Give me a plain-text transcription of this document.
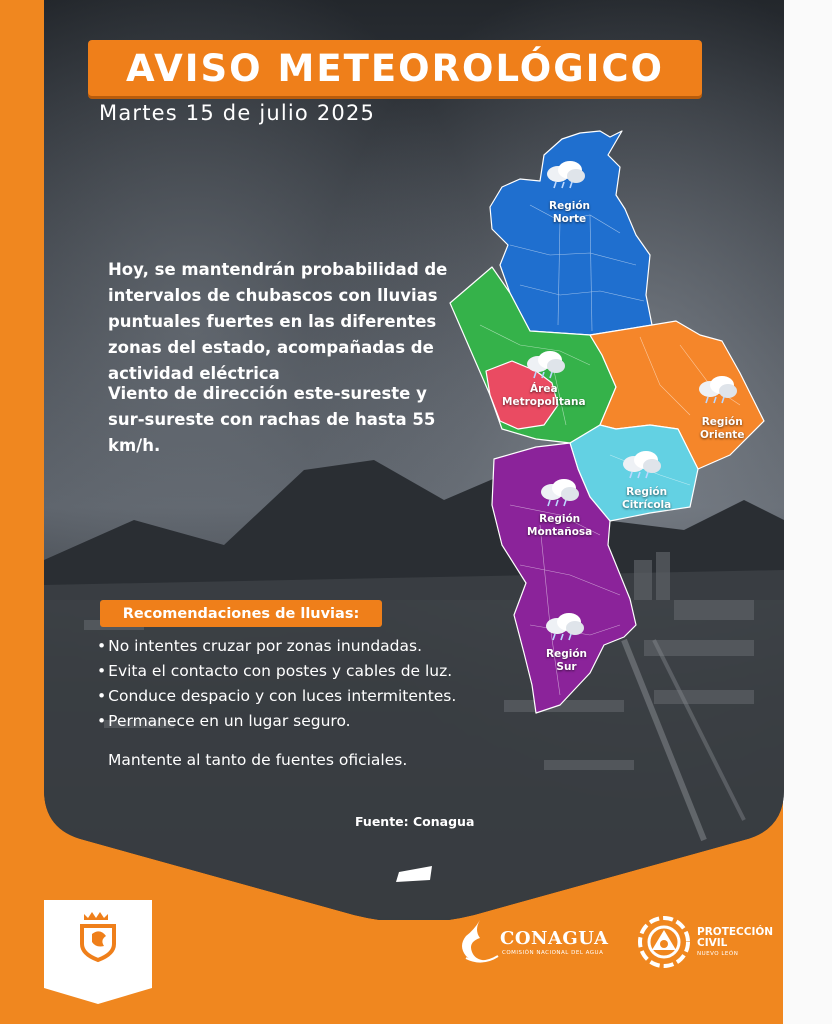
AVISO METEOROLÓGICO
Martes 15 de julio 2025
Región
Norte
Área
Metropolitana
Región
Oriente
Región
Citrícola
Región
Montañosa
Región
Sur

Hoy, se mantendrán probabilidad de intervalos de chubascos con lluvias puntuales fuertes en las diferentes zonas del estado, acompañadas de actividad eléctrica

Viento de dirección este-sureste y sur-sureste con rachas de hasta 55 km/h.

Recomendaciones de lluvias:
• No intentes cruzar por zonas inundadas.
• Evita el contacto con postes y cables de luz.
• Conduce despacio y con luces intermitentes.
• Permanece en un lugar seguro.
Mantente al tanto de fuentes oficiales.
Fuente: Conagua
CONAGUA
COMISIÓN NACIONAL DEL AGUA
PROTECCIÓN
CIVIL
NUEVO LEÓN
